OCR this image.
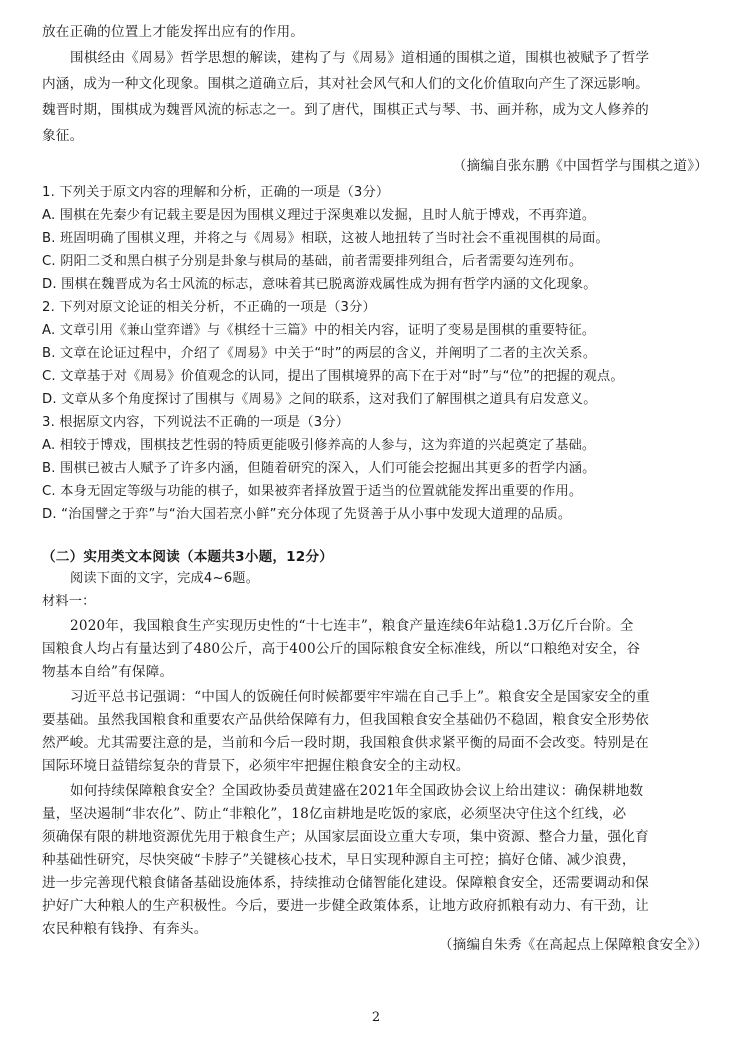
放在正确的位置上才能发挥出应有的作用。
围棋经由《周易》哲学思想的解读，建构了与《周易》道相通的围棋之道，围棋也被赋予了哲学
内涵，成为一种文化现象。围棋之道确立后，其对社会风气和人们的文化价值取向产生了深远影响。
魏晋时期，围棋成为魏晋风流的标志之一。到了唐代，围棋正式与琴、书、画并称，成为文人修养的
象征。
（摘编自张东鹏《中国哲学与围棋之道》）
1. 下列关于原文内容的理解和分析，正确的一项是（3分）
A. 围棋在先秦少有记载主要是因为围棋义理过于深奥难以发掘，且时人航于博戏，不再弈道。
B. 班固明确了围棋义理，并将之与《周易》相联，这被人地扭转了当时社会不重视围棋的局面。
C. 阴阳二爻和黑白棋子分别是卦象与棋局的基础，前者需要排列组合，后者需要勾连列布。
D. 围棋在魏晋成为名士风流的标志，意味着其已脱离游戏属性成为拥有哲学内涵的文化现象。
2. 下列对原文论证的相关分析，不正确的一项是（3分）
A. 文章引用《兼山堂弈谱》与《棋经十三篇》中的相关内容，证明了变易是围棋的重要特征。
B. 文章在论证过程中，介绍了《周易》中关于“时”的两层的含义，并阐明了二者的主次关系。
C. 文章基于对《周易》价值观念的认同，提出了围棋境界的高下在于对“时”与“位”的把握的观点。
D. 文章从多个角度探讨了围棋与《周易》之间的联系，这对我们了解围棋之道具有启发意义。
3. 根据原文内容，下列说法不正确的一项是（3分）
A. 相较于博戏，围棋技艺性弱的特质更能吸引修养高的人参与，这为弈道的兴起奠定了基础。
B. 围棋已被古人赋予了许多内涵，但随着研究的深入，人们可能会挖掘出其更多的哲学内涵。
C. 本身无固定等级与功能的棋子，如果被弈者择放置于适当的位置就能发挥出重要的作用。
D. “治国譬之于弈”与“治大国若烹小鲜”充分体现了先贤善于从小事中发现大道理的品质。
（二）实用类文本阅读（本题共3小题，12分）
阅读下面的文字，完成4~6题。
材料一：
2020年，我国粮食生产实现历史性的“十七连丰”，粮食产量连续6年站稳1.3万亿斤台阶。全
国粮食人均占有量达到了480公斤，高于400公斤的国际粮食安全标准线，所以“口粮绝对安全，谷
物基本自给”有保障。
习近平总书记强调：“中国人的饭碗任何时候都要牢牢端在自己手上”。粮食安全是国家安全的重
要基础。虽然我国粮食和重要农产品供给保障有力，但我国粮食安全基础仍不稳固，粮食安全形势依
然严峻。尤其需要注意的是，当前和今后一段时期，我国粮食供求紧平衡的局面不会改变。特别是在
国际环境日益错综复杂的背景下，必须牢牢把握住粮食安全的主动权。
如何持续保障粮食安全？全国政协委员黄建盛在2021年全国政协会议上给出建议：确保耕地数
量，坚决遏制“非农化”、防止“非粮化”，18亿亩耕地是吃饭的家底，必须坚决守住这个红线，必
须确保有限的耕地资源优先用于粮食生产；从国家层面设立重大专项，集中资源、整合力量，强化育
种基础性研究，尽快突破“卡脖子”关键核心技术，早日实现种源自主可控；搞好仓储、减少浪费，
进一步完善现代粮食储备基础设施体系，持续推动仓储智能化建设。保障粮食安全，还需要调动和保
护好广大种粮人的生产积极性。今后，要进一步健全政策体系，让地方政府抓粮有动力、有干劲，让
农民种粮有钱挣、有奔头。
（摘编自朱秀《在高起点上保障粮食安全》）
2
